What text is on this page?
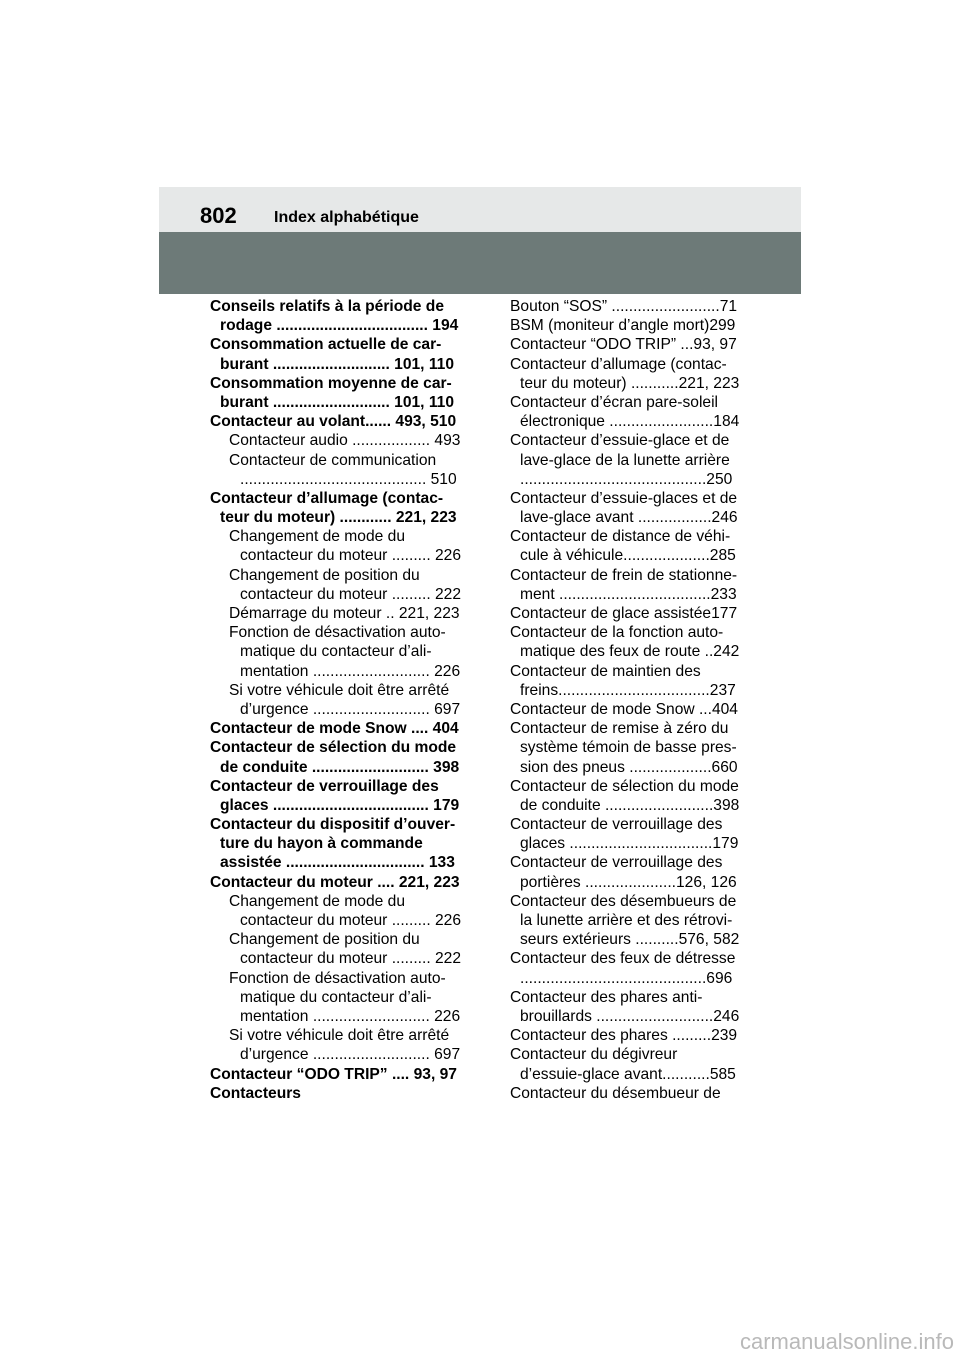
802 Index alphabétique
Conseils relatifs à la période de
rodage ................................... 194
Consommation actuelle de car-
burant ........................... 101, 110
Consommation moyenne de car-
burant ........................... 101, 110
Contacteur au volant...... 493, 510
Contacteur audio .................. 493
Contacteur de communication
........................................... 510
Contacteur d’allumage (contac-
teur du moteur) ............ 221, 223
Changement de mode du
contacteur du moteur ......... 226
Changement de position du
contacteur du moteur ......... 222
Démarrage du moteur .. 221, 223
Fonction de désactivation auto-
matique du contacteur d’ali-
mentation ........................... 226
Si votre véhicule doit être arrêté
d’urgence ........................... 697
Contacteur de mode Snow .... 404
Contacteur de sélection du mode
de conduite ........................... 398
Contacteur de verrouillage des
glaces .................................... 179
Contacteur du dispositif d’ouver-
ture du hayon à commande
assistée ................................ 133
Contacteur du moteur .... 221, 223
Changement de mode du
contacteur du moteur ......... 226
Changement de position du
contacteur du moteur ......... 222
Fonction de désactivation auto-
matique du contacteur d’ali-
mentation ........................... 226
Si votre véhicule doit être arrêté
d’urgence ........................... 697
Contacteur “ODO TRIP” .... 93, 97
Contacteurs
Bouton “SOS” .........................71
BSM (moniteur d’angle mort)299
Contacteur “ODO TRIP” ...93, 97
Contacteur d’allumage (contac-
teur du moteur) ...........221, 223
Contacteur d’écran pare-soleil
électronique ........................184
Contacteur d’essuie-glace et de
lave-glace de la lunette arrière
...........................................250
Contacteur d’essuie-glaces et de
lave-glace avant .................246
Contacteur de distance de véhi-
cule à véhicule....................285
Contacteur de frein de stationne-
ment ...................................233
Contacteur de glace assistée177
Contacteur de la fonction auto-
matique des feux de route ..242
Contacteur de maintien des
freins...................................237
Contacteur de mode Snow ...404
Contacteur de remise à zéro du
système témoin de basse pres-
sion des pneus ...................660
Contacteur de sélection du mode
de conduite .........................398
Contacteur de verrouillage des
glaces .................................179
Contacteur de verrouillage des
portières .....................126, 126
Contacteur des désembueurs de
la lunette arrière et des rétrovi-
seurs extérieurs ..........576, 582
Contacteur des feux de détresse
...........................................696
Contacteur des phares anti-
brouillards ...........................246
Contacteur des phares .........239
Contacteur du dégivreur
d’essuie-glace avant...........585
Contacteur du désembueur de
carmanualsonline.info
